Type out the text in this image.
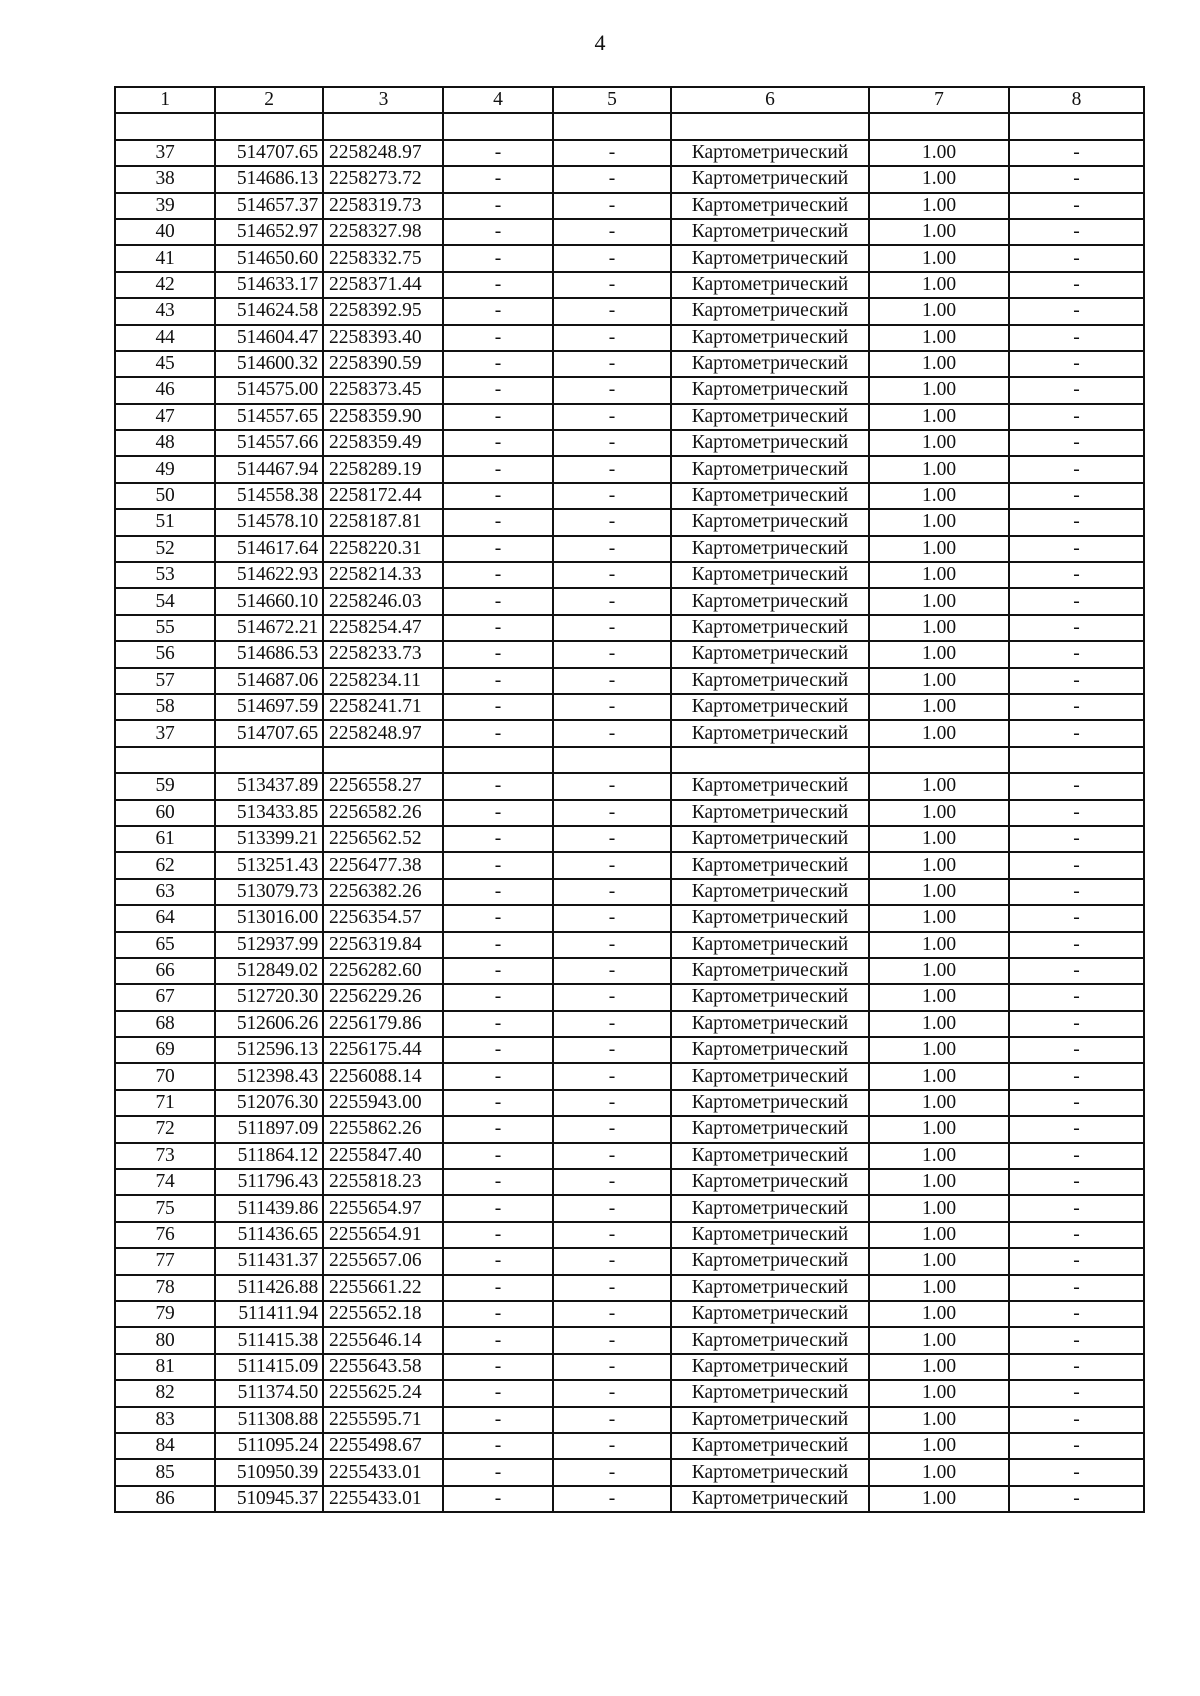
4
1	2	3	4	5	6	7	8

37	514707.65	2258248.97	-	-	Картометрический	1.00	-
38	514686.13	2258273.72	-	-	Картометрический	1.00	-
39	514657.37	2258319.73	-	-	Картометрический	1.00	-
40	514652.97	2258327.98	-	-	Картометрический	1.00	-
41	514650.60	2258332.75	-	-	Картометрический	1.00	-
42	514633.17	2258371.44	-	-	Картометрический	1.00	-
43	514624.58	2258392.95	-	-	Картометрический	1.00	-
44	514604.47	2258393.40	-	-	Картометрический	1.00	-
45	514600.32	2258390.59	-	-	Картометрический	1.00	-
46	514575.00	2258373.45	-	-	Картометрический	1.00	-
47	514557.65	2258359.90	-	-	Картометрический	1.00	-
48	514557.66	2258359.49	-	-	Картометрический	1.00	-
49	514467.94	2258289.19	-	-	Картометрический	1.00	-
50	514558.38	2258172.44	-	-	Картометрический	1.00	-
51	514578.10	2258187.81	-	-	Картометрический	1.00	-
52	514617.64	2258220.31	-	-	Картометрический	1.00	-
53	514622.93	2258214.33	-	-	Картометрический	1.00	-
54	514660.10	2258246.03	-	-	Картометрический	1.00	-
55	514672.21	2258254.47	-	-	Картометрический	1.00	-
56	514686.53	2258233.73	-	-	Картометрический	1.00	-
57	514687.06	2258234.11	-	-	Картометрический	1.00	-
58	514697.59	2258241.71	-	-	Картометрический	1.00	-
37	514707.65	2258248.97	-	-	Картометрический	1.00	-

59	513437.89	2256558.27	-	-	Картометрический	1.00	-
60	513433.85	2256582.26	-	-	Картометрический	1.00	-
61	513399.21	2256562.52	-	-	Картометрический	1.00	-
62	513251.43	2256477.38	-	-	Картометрический	1.00	-
63	513079.73	2256382.26	-	-	Картометрический	1.00	-
64	513016.00	2256354.57	-	-	Картометрический	1.00	-
65	512937.99	2256319.84	-	-	Картометрический	1.00	-
66	512849.02	2256282.60	-	-	Картометрический	1.00	-
67	512720.30	2256229.26	-	-	Картометрический	1.00	-
68	512606.26	2256179.86	-	-	Картометрический	1.00	-
69	512596.13	2256175.44	-	-	Картометрический	1.00	-
70	512398.43	2256088.14	-	-	Картометрический	1.00	-
71	512076.30	2255943.00	-	-	Картометрический	1.00	-
72	511897.09	2255862.26	-	-	Картометрический	1.00	-
73	511864.12	2255847.40	-	-	Картометрический	1.00	-
74	511796.43	2255818.23	-	-	Картометрический	1.00	-
75	511439.86	2255654.97	-	-	Картометрический	1.00	-
76	511436.65	2255654.91	-	-	Картометрический	1.00	-
77	511431.37	2255657.06	-	-	Картометрический	1.00	-
78	511426.88	2255661.22	-	-	Картометрический	1.00	-
79	511411.94	2255652.18	-	-	Картометрический	1.00	-
80	511415.38	2255646.14	-	-	Картометрический	1.00	-
81	511415.09	2255643.58	-	-	Картометрический	1.00	-
82	511374.50	2255625.24	-	-	Картометрический	1.00	-
83	511308.88	2255595.71	-	-	Картометрический	1.00	-
84	511095.24	2255498.67	-	-	Картометрический	1.00	-
85	510950.39	2255433.01	-	-	Картометрический	1.00	-
86	510945.37	2255433.01	-	-	Картометрический	1.00	-
